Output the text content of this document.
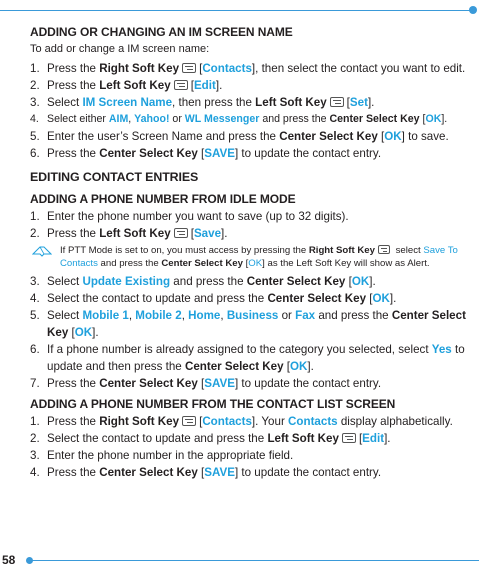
ADDING OR CHANGING AN IM SCREEN NAME
To add or change a IM screen name:
1. Press the Right Soft Key [Contacts], then select the contact you want to edit.
2. Press the Left Soft Key [Edit].
3. Select IM Screen Name, then press the Left Soft Key [Set].
4. Select either AIM, Yahoo! or WL Messenger and press the Center Select Key [OK].
5. Enter the user’s Screen Name and press the Center Select Key [OK] to save.
6. Press the Center Select Key [SAVE] to update the contact entry.
EDITING CONTACT ENTRIES
ADDING A PHONE NUMBER FROM IDLE MODE
1. Enter the phone number you want to save (up to 32 digits).
2. Press the Left Soft Key [Save].
If PTT Mode is set to on, you must access by pressing the Right Soft Key select Save To Contacts and press the Center Select Key [OK] as the Left Soft Key will show as Alert.
3. Select Update Existing and press the Center Select Key [OK].
4. Select the contact to update and press the Center Select Key [OK].
5. Select Mobile 1, Mobile 2, Home, Business or Fax and press the Center Select Key [OK].
6. If a phone number is already assigned to the category you selected, select Yes to update and then press the Center Select Key [OK].
7. Press the Center Select Key [SAVE] to update the contact entry.
ADDING A PHONE NUMBER FROM THE CONTACT LIST SCREEN
1. Press the Right Soft Key [Contacts]. Your Contacts display alphabetically.
2. Select the contact to update and press the Left Soft Key [Edit].
3. Enter the phone number in the appropriate field.
4. Press the Center Select Key [SAVE] to update the contact entry.
58
